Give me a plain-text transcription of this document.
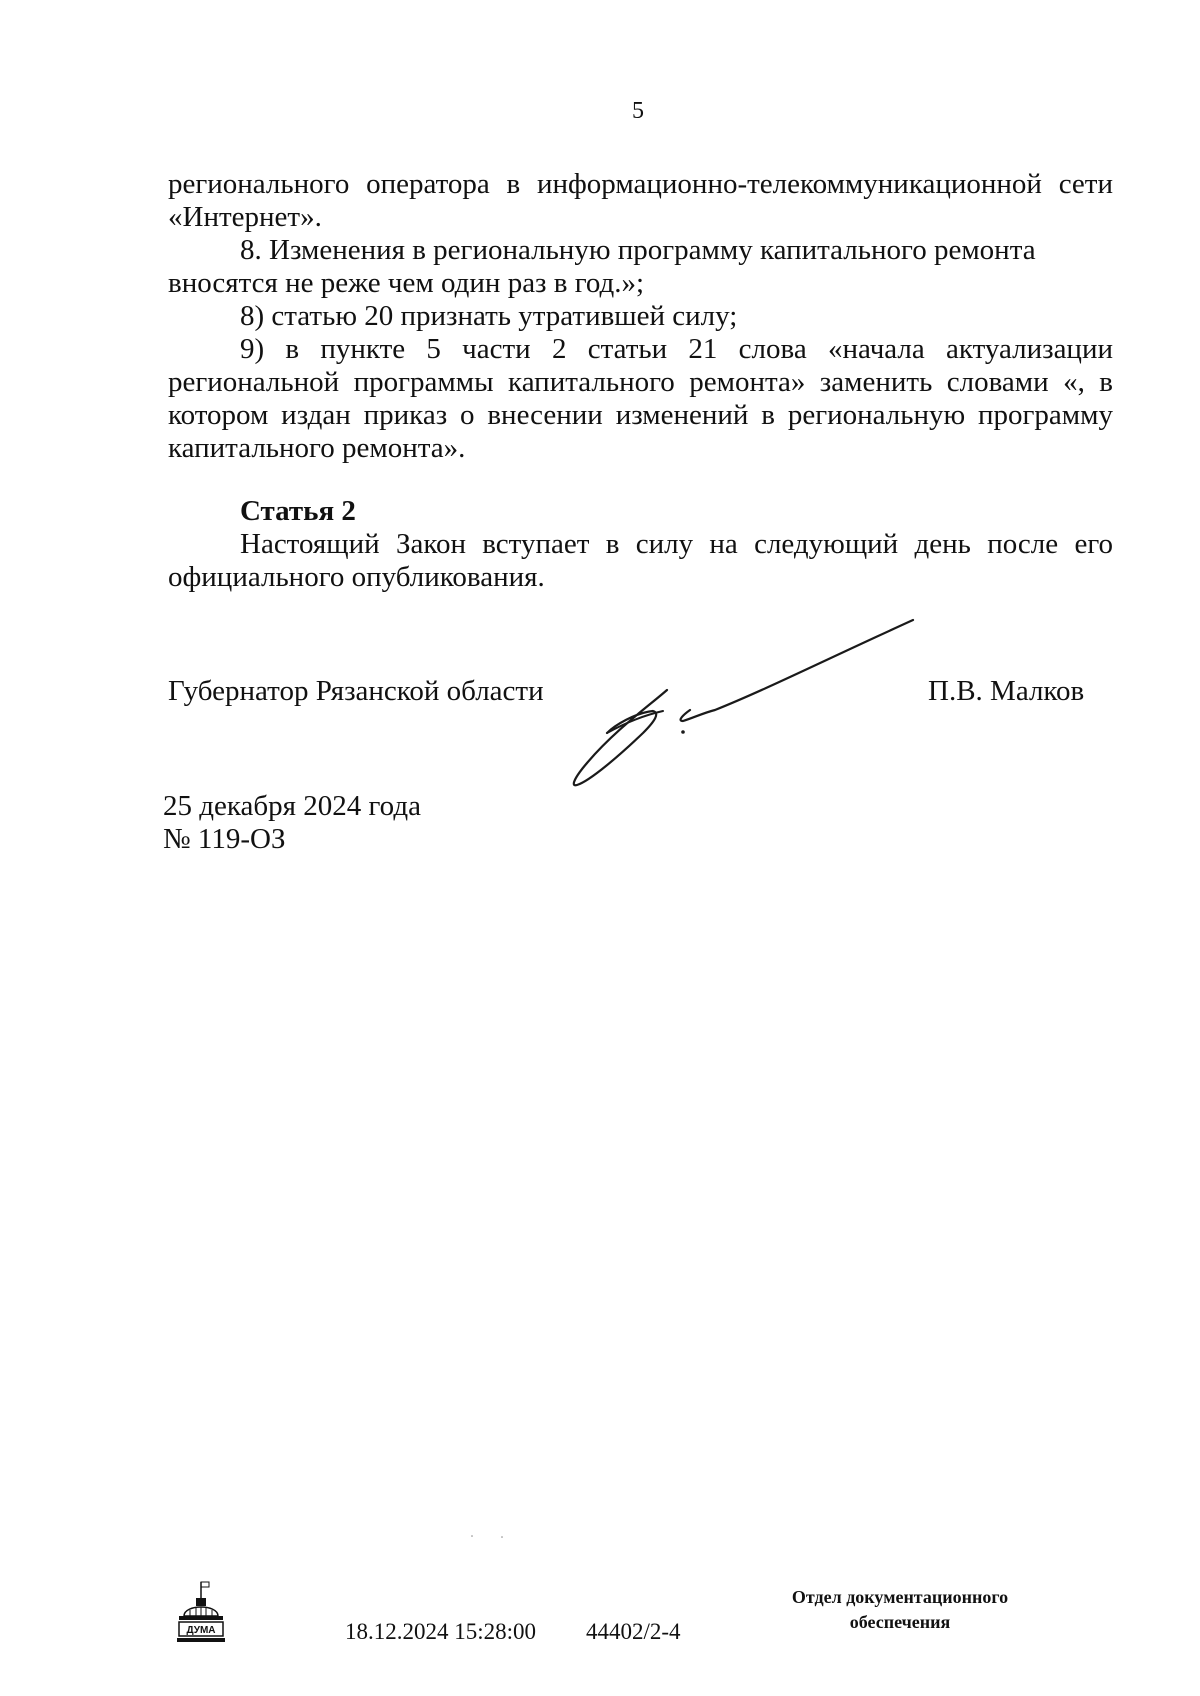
5
регионального оператора в информационно-телекоммуникационной сети
«Интернет».
8. Изменения в региональную программу капитального ремонта
вносятся не реже чем один раз в год.»;
8) статью 20 признать утратившей силу;
9) в пункте 5 части 2 статьи 21 слова «начала актуализации
региональной программы капитального ремонта» заменить словами «, в
котором издан приказ о внесении изменений в региональную программу
капитального ремонта».
Статья 2
Настоящий Закон вступает в силу на следующий день после его
официального опубликования.
Губернатор Рязанской области	П.В. Малков
25 декабря 2024 года
№ 119-ОЗ
ДУМА	18.12.2024 15:28:00 44402/2-4
Отдел документационного
обеспечения
